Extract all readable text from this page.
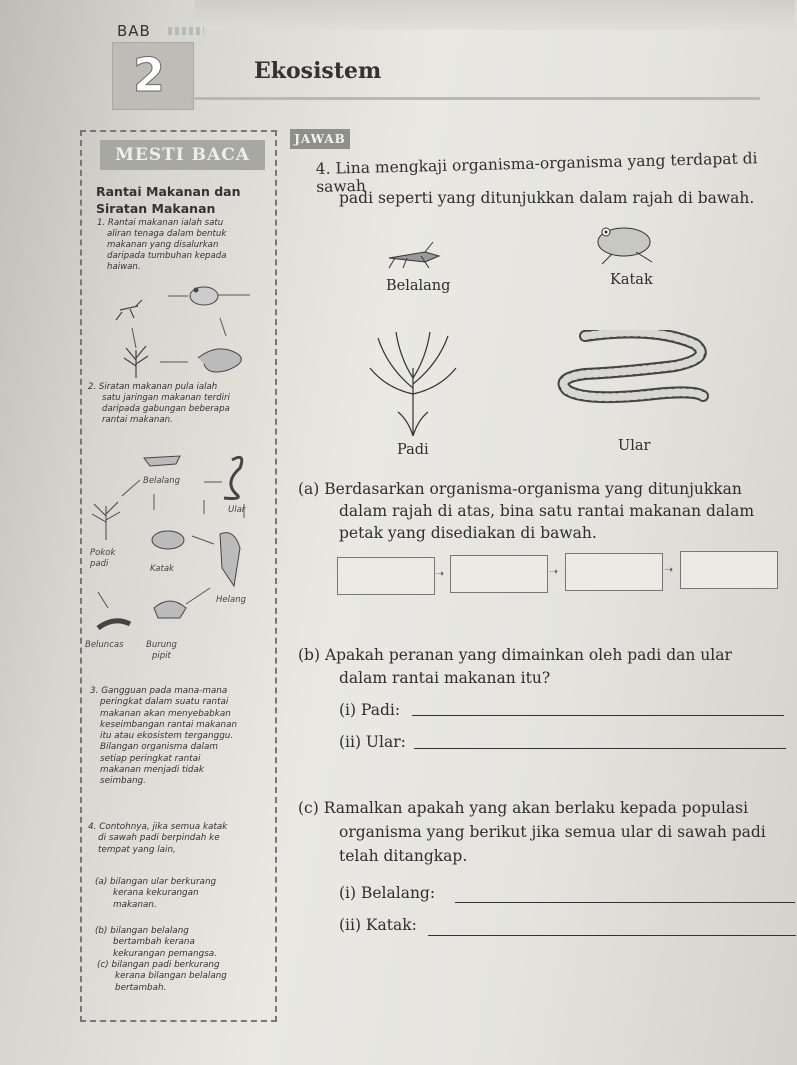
BAB
2	Ekosistem
MESTI BACA
Rantai Makanan dan
Siratan Makanan
1. Rantai makanan ialah satu
aliran tenaga dalam bentuk
makanan yang disalurkan
daripada tumbuhan kepada
haiwan.
2. Siratan makanan pula ialah
satu jaringan makanan terdiri
daripada gabungan beberapa
rantai makanan.
Belalang
Ular
Pokok
padi	Katak
Helang
Beluncas	Burung
pipit
3. Gangguan pada mana-mana
peringkat dalam suatu rantai
makanan akan menyebabkan
keseimbangan rantai makanan
itu atau ekosistem terganggu.
Bilangan organisma dalam
setiap peringkat rantai
makanan menjadi tidak
seimbang.
4. Contohnya, jika semua katak
di sawah padi berpindah ke
tempat yang lain,
(a) bilangan ular berkurang
kerana kekurangan
makanan.
(b) bilangan belalang
bertambah kerana
kekurangan pemangsa.
(c) bilangan padi berkurang
kerana bilangan belalang
bertambah.
JAWAB
4. Lina mengkaji organisma-organisma yang terdapat di sawah
padi seperti yang ditunjukkan dalam rajah di bawah.
Belalang	Katak
Padi	Ular
(a) Berdasarkan organisma-organisma yang ditunjukkan
dalam rajah di atas, bina satu rantai makanan dalam
petak yang disediakan di bawah.
➝	➝	➝
(b) Apakah peranan yang dimainkan oleh padi dan ular
dalam rantai makanan itu?
(i) Padi:
(ii) Ular:
(c) Ramalkan apakah yang akan berlaku kepada populasi
organisma yang berikut jika semua ular di sawah padi
telah ditangkap.
(i) Belalang:
(ii) Katak:
